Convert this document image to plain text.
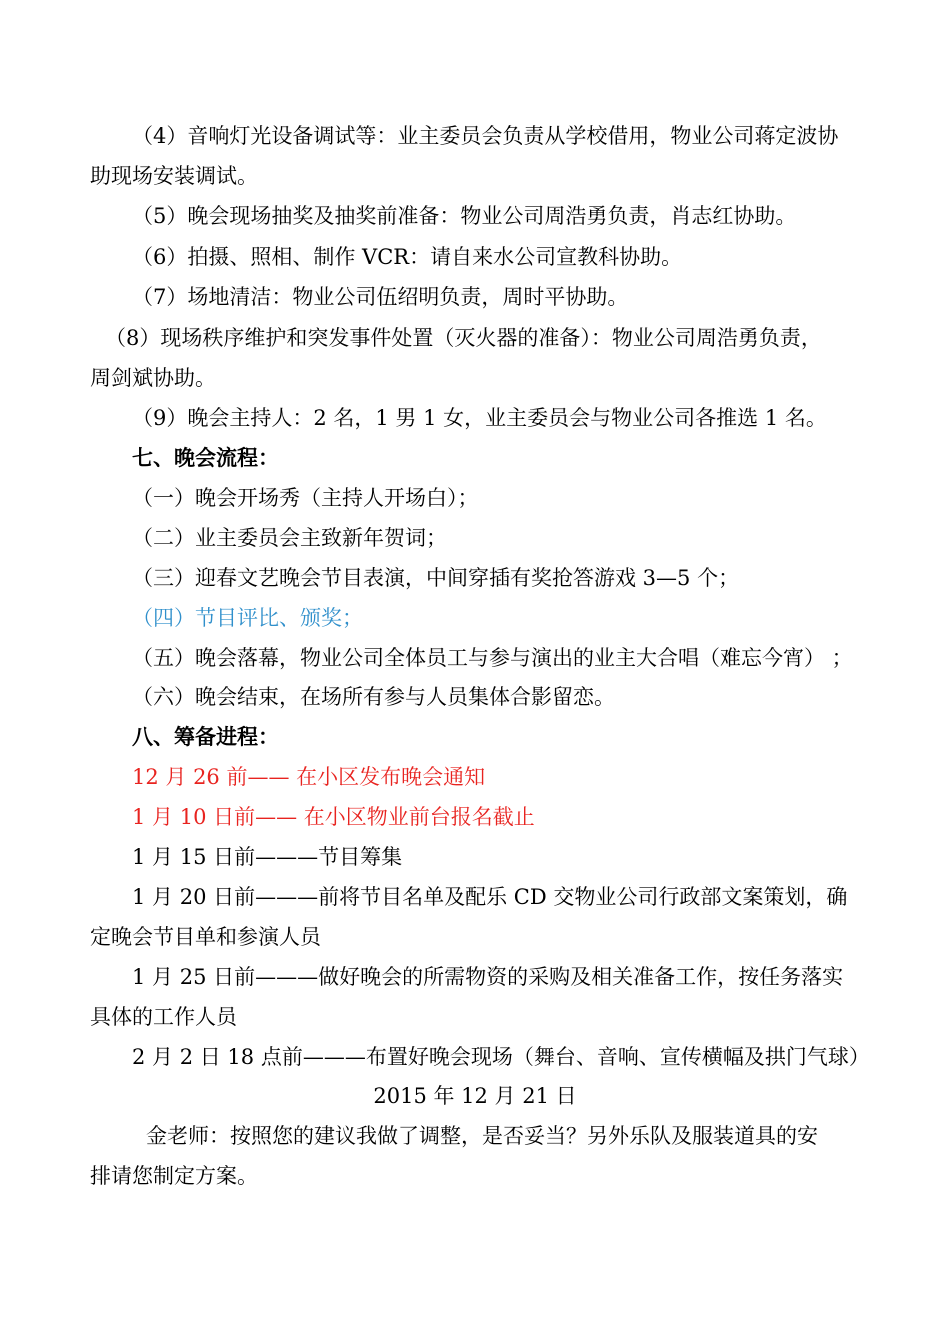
（4）音响灯光设备调试等：业主委员会负责从学校借用，物业公司蒋定波协
助现场安装调试。
（5）晚会现场抽奖及抽奖前准备：物业公司周浩勇负责，肖志红协助。
（6）拍摄、照相、制作 VCR：请自来水公司宣教科协助。
（7）场地清洁：物业公司伍绍明负责，周时平协助。
（8）现场秩序维护和突发事件处置（灭火器的准备）：物业公司周浩勇负责，
周剑斌协助。
（9）晚会主持人：2 名，1 男 1 女，业主委员会与物业公司各推选 1 名。
七、晚会流程：
（一）晚会开场秀（主持人开场白）；
（二）业主委员会主致新年贺词；
（三）迎春文艺晚会节目表演，中间穿插有奖抢答游戏 3—5 个；
（四）节目评比、颁奖；
（五）晚会落幕，物业公司全体员工与参与演出的业主大合唱（难忘今宵） ；
（六）晚会结束，在场所有参与人员集体合影留恋。
八、筹备进程：
12 月 26 前—— 在小区发布晚会通知
1 月 10 日前—— 在小区物业前台报名截止
1 月 15 日前———节目筹集
1 月 20 日前———前将节目名单及配乐 CD 交物业公司行政部文案策划，确
定晚会节目单和参演人员
1 月 25 日前———做好晚会的所需物资的采购及相关准备工作，按任务落实
具体的工作人员
2 月 2 日 18 点前———布置好晚会现场（舞台、音响、宣传横幅及拱门气球）
2015 年 12 月 21 日
金老师：按照您的建议我做了调整，是否妥当？另外乐队及服装道具的安
排请您制定方案。
